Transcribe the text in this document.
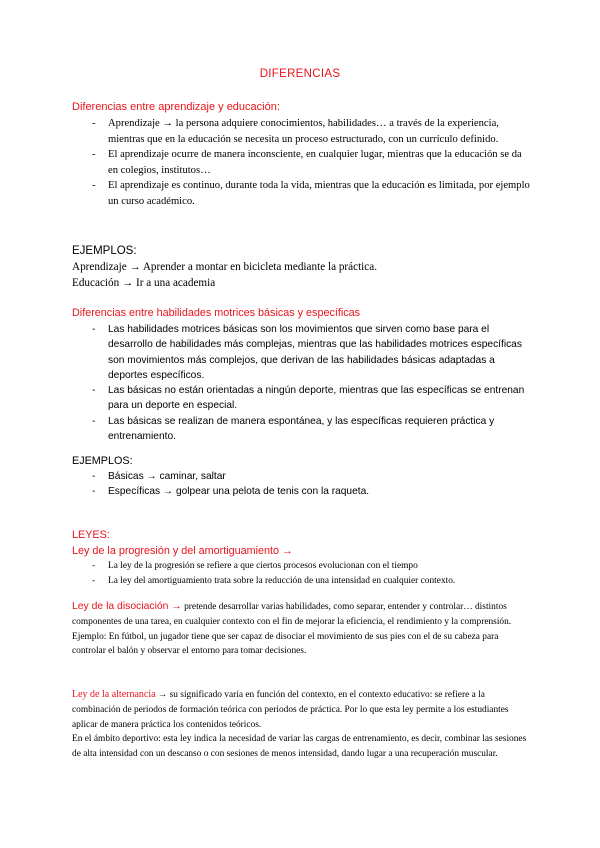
DIFERENCIAS

Diferencias entre aprendizaje y educación:

- Aprendizaje → la persona adquiere conocimientos, habilidades… a través de la experiencia, mientras que en la educación se necesita un proceso estructurado, con un currículo definido.
- El aprendizaje ocurre de manera inconsciente, en cualquier lugar, mientras que la educación se da en colegios, institutos…
- El aprendizaje es continuo, durante toda la vida, mientras que la educación es limitada, por ejemplo un curso académico.

EJEMPLOS:

Aprendizaje → Aprender a montar en bicicleta mediante la práctica.

Educación → Ir a una academia

Diferencias entre habilidades motrices básicas y específicas

- Las habilidades motrices básicas son los movimientos que sirven como base para el desarrollo de habilidades más complejas, mientras que las habilidades motrices específicas son movimientos más complejos, que derivan de las habilidades básicas adaptadas a deportes específicos.
- Las básicas no están orientadas a ningún deporte, mientras que las específicas se entrenan para un deporte en especial.
- Las básicas se realizan de manera espontánea, y las específicas requieren práctica y entrenamiento.

EJEMPLOS:

- Básicas → caminar, saltar
- Específicas → golpear una pelota de tenis con la raqueta.

LEYES:

Ley de la progresión y del amortiguamiento →

- La ley de la progresión se refiere a que ciertos procesos evolucionan con el tiempo
- La ley del amortiguamiento trata sobre la reducción de una intensidad en cualquier contexto.

Ley de la disociación → pretende desarrollar varias habilidades, como separar, entender y controlar… distintos componentes de una tarea, en cualquier contexto con el fin de mejorar la eficiencia, el rendimiento y la comprensión.

Ejemplo: En fútbol, un jugador tiene que ser capaz de disociar el movimiento de sus pies con el de su cabeza para controlar el balón y observar el entorno para tomar decisiones.

Ley de la alternancia → su significado varía en función del contexto, en el contexto educativo: se refiere a la combinación de periodos de formación teórica con periodos de práctica. Por lo que esta ley permite a los estudiantes aplicar de manera práctica los contenidos teóricos.

En el ámbito deportivo: esta ley indica la necesidad de variar las cargas de entrenamiento, es decir, combinar las sesiones de alta intensidad con un descanso o con sesiones de menos intensidad, dando lugar a una recuperación muscular.
